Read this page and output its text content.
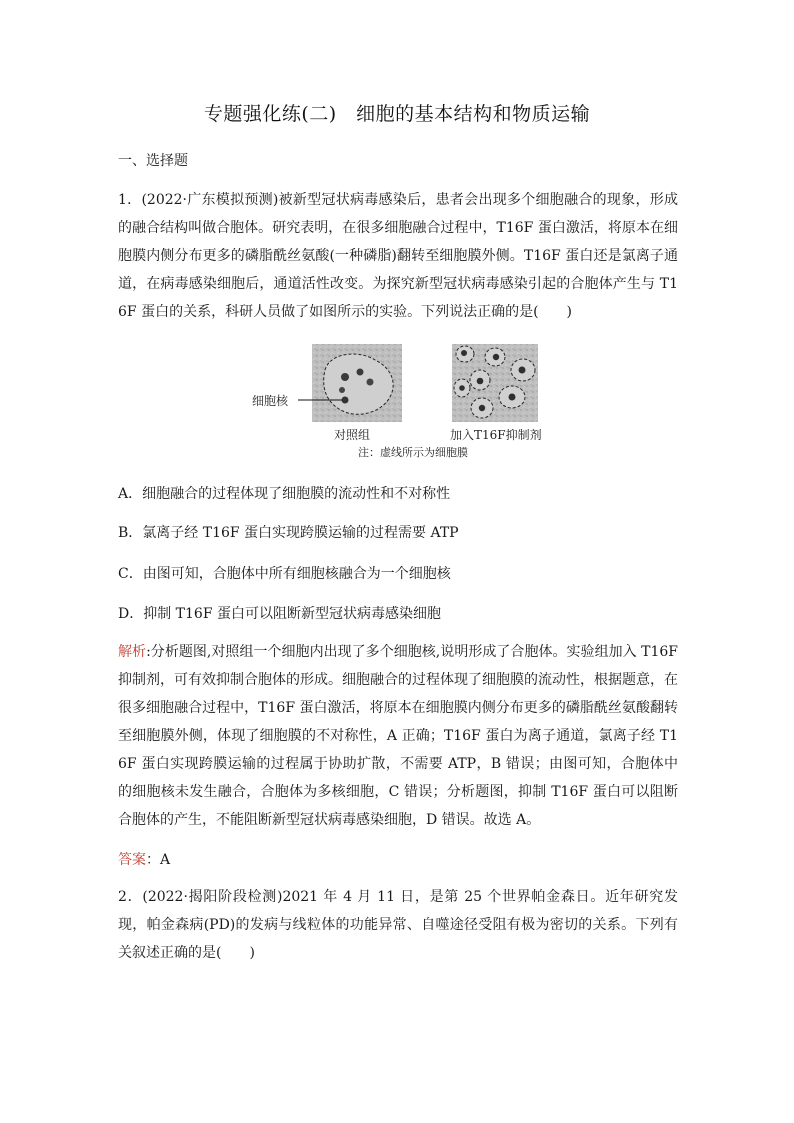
专题强化练(二)　细胞的基本结构和物质运输
一、选择题
1．(2022·广东模拟预测)被新型冠状病毒感染后，患者会出现多个细胞融合的现象，形成的融合结构叫做合胞体。研究表明，在很多细胞融合过程中，T16F 蛋白激活，将原本在细胞膜内侧分布更多的磷脂酰丝氨酸(一种磷脂)翻转至细胞膜外侧。T16F 蛋白还是氯离子通道，在病毒感染细胞后，通道活性改变。为探究新型冠状病毒感染引起的合胞体产生与 T16F 蛋白的关系，科研人员做了如图所示的实验。下列说法正确的是(　　)
细胞核
对照组	加入T16F抑制剂
注：虚线所示为细胞膜
A．细胞融合的过程体现了细胞膜的流动性和不对称性
B．氯离子经 T16F 蛋白实现跨膜运输的过程需要 ATP
C．由图可知，合胞体中所有细胞核融合为一个细胞核
D．抑制 T16F 蛋白可以阻断新型冠状病毒感染细胞
解析:分析题图,对照组一个细胞内出现了多个细胞核,说明形成了合胞体。实验组加入 T16F 抑制剂，可有效抑制合胞体的形成。细胞融合的过程体现了细胞膜的流动性，根据题意，在很多细胞融合过程中，T16F 蛋白激活，将原本在细胞膜内侧分布更多的磷脂酰丝氨酸翻转至细胞膜外侧，体现了细胞膜的不对称性，A 正确；T16F 蛋白为离子通道，氯离子经 T16F 蛋白实现跨膜运输的过程属于协助扩散，不需要 ATP，B 错误；由图可知，合胞体中的细胞核未发生融合，合胞体为多核细胞，C 错误；分析题图，抑制 T16F 蛋白可以阻断合胞体的产生，不能阻断新型冠状病毒感染细胞，D 错误。故选 A。
答案：A
2．(2022·揭阳阶段检测)2021 年 4 月 11 日，是第 25 个世界帕金森日。近年研究发现，帕金森病(PD)的发病与线粒体的功能异常、自噬途径受阻有极为密切的关系。下列有关叙述正确的是(　　)
